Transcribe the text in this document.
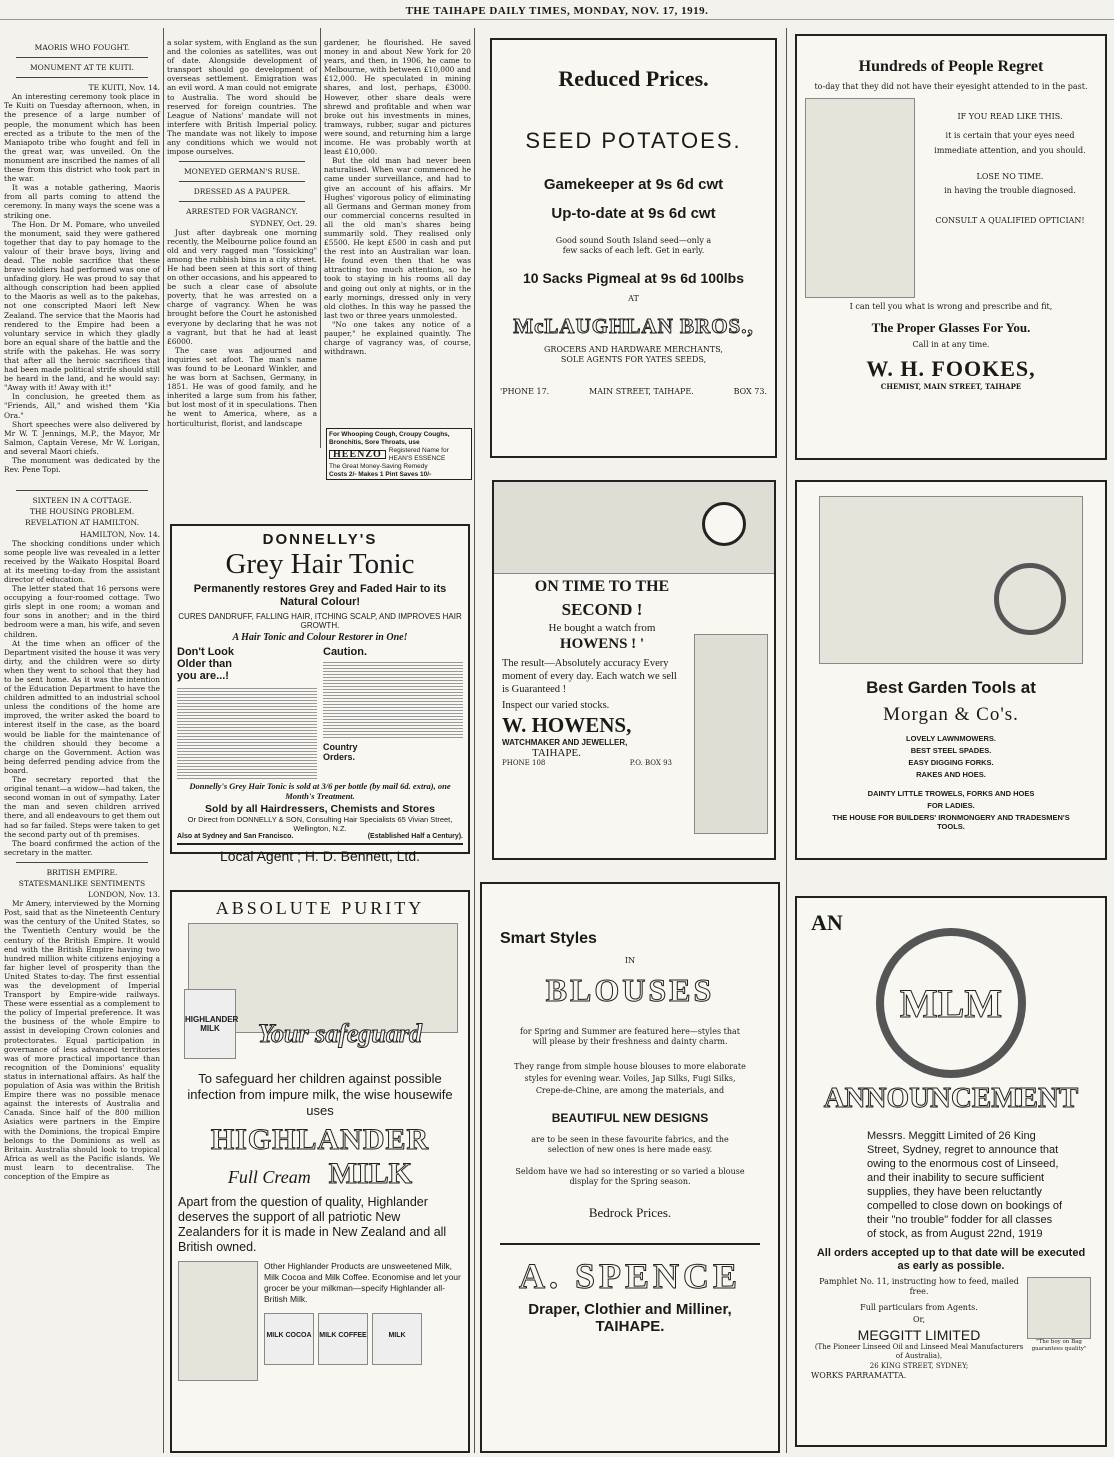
THE TAIHAPE DAILY TIMES, MONDAY, NOV. 17, 1919.
MAORIS WHO FOUGHT.
MONUMENT AT TE KUITI.
TE KUITI, Nov. 14.

An interesting ceremony took place in Te Kuiti on Tuesday afternoon, when, in the presence of a large number of people, the monument which has been erected as a tribute to the men of the Maniapoto tribe who fought and fell in the great war, was unveiled. On the monument are inscribed the names of all these from this district who took part in the war.

It was a notable gathering, Maoris from all parts coming to attend the ceremony. In many ways the scene was a striking one.

The Hon. Dr M. Pomare, who unveiled the monument, said they were gathered together that day to pay homage to the valour of their brave boys, living and dead. The noble sacrifice that these brave soldiers had performed was one of unfading glory. He was proud to say that although conscription had been applied to the Maoris as well as to the pakehas, not one conscripted Maori left New Zealand. The service that the Maoris had rendered to the Empire had been a voluntary service in which they gladly bore an equal share of the battle and the strife with the pakehas. He was sorry that after all the heroic sacrifices that had been made political strife should still be heard in the land, and he would say: "Away with it! Away with it!"

In conclusion, he greeted them as "Friends, All," and wished them "Kia Ora."

Short speeches were also delivered by Mr W. T. Jennings, M.P., the Mayor, Mr Salmon, Captain Verese, Mr W. Lorigan, and several Maori chiefs.

The monument was dedicated by the Rev. Pene Topi.

SIXTEEN IN A COTTAGE.
THE HOUSING PROBLEM.
REVELATION AT HAMILTON.
HAMILTON, Nov. 14.

The shocking conditions under which some people live was revealed in a letter received by the Waikato Hospital Board at its meeting to-day from the assistant director of education.

The letter stated that 16 persons were occupying a four-roomed cottage. Two girls slept in one room; a woman and four sons in another; and in the third bedroom were a man, his wife, and seven children.

At the time when an officer of the Department visited the house it was very dirty, and the children were so dirty when they went to school that they had to be sent home. As it was the intention of the Education Department to have the children admitted to an industrial school unless the conditions of the home are improved, the writer asked the board to interest itself in the case, as the board would be liable for the maintenance of the children should they become a charge on the Government. Action was being deferred pending advice from the board.

The secretary reported that the original tenant—a widow—had taken, the second woman in out of sympathy. Later the man and seven children arrived there, and all endeavours to get them out had so far failed. Steps were taken to get the second party out of th premises.

The board confirmed the action of the secretary in the matter.

BRITISH EMPIRE.
STATESMANLIKE SENTIMENTS
LONDON, Nov. 13.

Mr Amery, interviewed by the Morning Post, said that as the Nineteenth Century was the century of the United States, so the Twentieth Century would be the century of the British Empire. It would end with the British Empire having two hundred million white citizens enjoying a far higher level of prosperity than the United States to-day. The first essential was the development of Imperial Transport by Empire-wide railways. These were essential as a complement to the policy of Imperial preference. It was the business of the whole Empire to assist in developing Crown colonies and protectorates. Equal participation in governance of less advanced territories was of more practical importance than recognition of the Dominions' equality status in international affairs. As half the population of Asia was within the British Empire there was no possible menace against the interests of Australia and Canada. Since half of the 800 million Asiatics were partners in the Empire with the Dominions, the tropical Empire belongs to the Dominions as well as Britain. Australia should look to tropical Africa as well as the Pacific islands. We must learn to decentralise. The conception of the Empire as

a solar system, with England as the sun and the colonies as satellites, was out of date. Alongside development of transport should go development of overseas settlement. Emigration was an evil word. A man could not emigrate to Australia. The word should be reserved for foreign countries. The League of Nations' mandate will not interfere with British Imperial policy. The mandate was not likely to impose any conditions which we would not impose ourselves.

MONEYED GERMAN'S RUSE.
DRESSED AS A PAUPER.
ARRESTED FOR VAGRANCY.
SYDNEY, Oct. 29.

Just after daybreak one morning recently, the Melbourne police found an old and very ragged man "fossicking" among the rubbish bins in a city street. He had been seen at this sort of thing on other occasions, and his appeared to be such a clear case of absolute poverty, that he was arrested on a charge of vagrancy. When he was brought before the Court he astonished everyone by declaring that he was not a vagrant, but that he had at least £6000.

The case was adjourned and inquiries set afoot. The man's name was found to be Leonard Winkler, and he was born at Sachsen, Germany, in 1851. He was of good family, and he inherited a large sum from his father, but lost most of it in speculations. Then he went to America, where, as a horticulturist, florist, and landscape

gardener, he flourished. He saved money in and about New York for 20 years, and then, in 1906, he came to Melbourne, with between £10,000 and £12,000. He speculated in mining shares, and lost, perhaps, £3000. However, other share deals were shrewd and profitable and when war broke out his investments in mines, tramways, rubber, sugar and pictures were sound, and returning him a large income. He was probably worth at least £10,000.

But the old man had never been naturalised. When war commenced he came under surveillance, and had to give an account of his affairs. Mr Hughes' vigorous policy of eliminating all Germans and German money from our commercial concerns resulted in all the old man's shares being summarily sold. They realised only £5500. He kept £500 in cash and put the rest into an Australian war loan. He found even then that he was attracting too much attention, so he took to staying in his rooms all day and going out only at nights, or in the early mornings, dressed only in very old clothes. In this way he passed the last two or three years unmolested.

"No one takes any notice of a pauper," he explained quaintly. The charge of vagrancy was, of course, withdrawn.

For Whooping Cough, Croupy Coughs, Bronchitis, Sore Throats, use
HEENZO	Registered Name for HEAN'S ESSENCE
The Great Money-Saving Remedy
Costs 2/- Makes 1 Pint Saves 10/-
DONNELLY'S
Grey Hair Tonic
Permanently restores Grey and Faded Hair to its Natural Colour!
CURES DANDRUFF, FALLING HAIR, ITCHING SCALP, AND IMPROVES HAIR GROWTH.
A Hair Tonic and Colour Restorer in One!
Don't Look Older than you are...!
Caution.
Country Orders.
Donnelly's Grey Hair Tonic is sold at 3/6 per bottle (by mail 6d. extra), one Month's Treatment.
Sold by all Hairdressers, Chemists and Stores
Or Direct from DONNELLY & SON, Consulting Hair Specialists 65 Vivian Street, Wellington, N.Z.
Also at Sydney and San Francisco.	(Established Half a Century).
Local Agent ; H. D. Bennett, Ltd.
ABSOLUTE PURITY
HIGHLANDER MILK	Your safeguard
To safeguard her children against possible infection from impure milk, the wise housewife uses
HIGHLANDER
Full Cream MILK
Apart from the question of quality, Highlander deserves the support of all patriotic New Zealanders for it is made in New Zealand and all British owned.
Other Highlander Products are unsweetened Milk, Milk Cocoa and Milk Coffee. Economise and let your grocer be your milkman—specify Highlander all-British Milk.
MILK COCOA	MILK COFFEE	MILK
Reduced Prices.
SEED POTATOES.
Gamekeeper at 9s 6d cwt
Up-to-date at 9s 6d cwt
Good sound South Island seed—only a few sacks of each left. Get in early.
10 Sacks Pigmeal at 9s 6d 100lbs
AT
McLAUGHLAN BROS.,
GROCERS AND HARDWARE MERCHANTS,
SOLE AGENTS FOR YATES SEEDS,
'PHONE 17.	MAIN STREET, TAIHAPE.	BOX 73.
ON TIME TO THE
SECOND !
He bought a watch from
HOWENS ! '
The result—Absolutely accuracy Every moment of every day. Each watch we sell is Guaranteed !
Inspect our varied stocks.
W. HOWENS,
WATCHMAKER AND JEWELLER,
TAIHAPE.
PHONE 108	P.O. BOX 93
Hundreds of People Regret
to-day that they did not have their eyesight attended to in the past.
IF YOU READ LIKE THIS.
it is certain that your eyes need immediate attention, and you should.
LOSE NO TIME.
in having the trouble diagnosed.
CONSULT A QUALIFIED OPTICIAN!
I can tell you what is wrong and prescribe and fit,
The Proper Glasses For You.
Call in at any time.
W. H. FOOKES,
CHEMIST, MAIN STREET, TAIHAPE
Best Garden Tools at
Morgan & Co's.
LOVELY LAWNMOWERS.
BEST STEEL SPADES.
EASY DIGGING FORKS.
RAKES AND HOES.
DAINTY LITTLE TROWELS, FORKS AND HOES
FOR LADIES.
THE HOUSE FOR BUILDERS' IRONMONGERY AND TRADESMEN'S TOOLS.
Smart Styles
IN
BLOUSES
for Spring and Summer are featured here—styles that will please by their freshness and dainty charm.
They range from simple house blouses to more elaborate styles for evening wear. Voiles, Jap Silks, Fugi Silks, Crepe-de-Chine, are among the materials, and
BEAUTIFUL NEW DESIGNS
are to be seen in these favourite fabrics, and the selection of new ones is here made easy.
Seldom have we had so interesting or so varied a blouse display for the Spring season.
Bedrock Prices.
A. SPENCE
Draper, Clothier and Milliner,
TAIHAPE.
AN
MLM
ANNOUNCEMENT
Messrs. Meggitt Limited of 26 King Street, Sydney, regret to announce that owing to the enormous cost of Linseed, and their inability to secure sufficient supplies, they have been reluctantly compelled to close down on bookings of their "no trouble" fodder for all classes of stock, as from August 22nd, 1919
All orders accepted up to that date will be executed as early as possible.
Pamphlet No. 11, instructing how to feed, mailed free.
Full particulars from Agents.
Or,
MEGGITT LIMITED
(The Pioneer Linseed Oil and Linseed Meal Manufacturers of Australia),
26 KING STREET, SYDNEY;
WORKS PARRAMATTA.
"The boy on Bag guarantees quality"
